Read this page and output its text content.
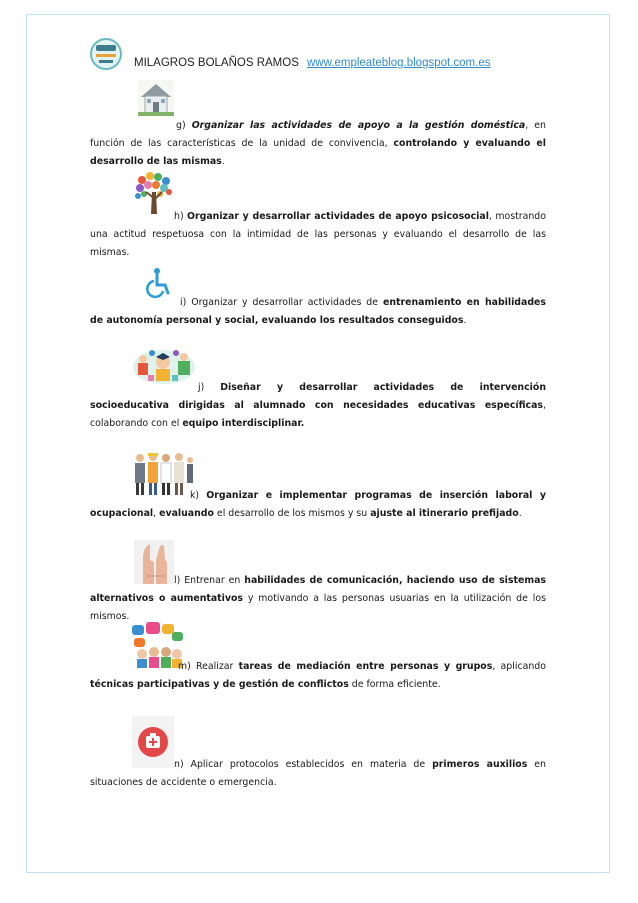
MILAGROS BOLAÑOS RAMOS www.empleateblog.blogspot.com.es
g) Organizar las actividades de apoyo a la gestión doméstica, en función de las características de la unidad de convivencia, controlando y evaluando el desarrollo de las mismas.
h) Organizar y desarrollar actividades de apoyo psicosocial, mostrando una actitud respetuosa con la intimidad de las personas y evaluando el desarrollo de las mismas.
i) Organizar y desarrollar actividades de entrenamiento en habilidades de autonomía personal y social, evaluando los resultados conseguidos.
j) Diseñar y desarrollar actividades de intervención socioeducativa dirigidas al alumnado con necesidades educativas específicas, colaborando con el equipo interdisciplinar.
k) Organizar e implementar programas de inserción laboral y ocupacional, evaluando el desarrollo de los mismos y su ajuste al itinerario prefijado.
l) Entrenar en habilidades de comunicación, haciendo uso de sistemas alternativos o aumentativos y motivando a las personas usuarias en la utilización de los mismos.
m) Realizar tareas de mediación entre personas y grupos, aplicando técnicas participativas y de gestión de conflictos de forma eficiente.
n) Aplicar protocolos establecidos en materia de primeros auxilios en situaciones de accidente o emergencia.
